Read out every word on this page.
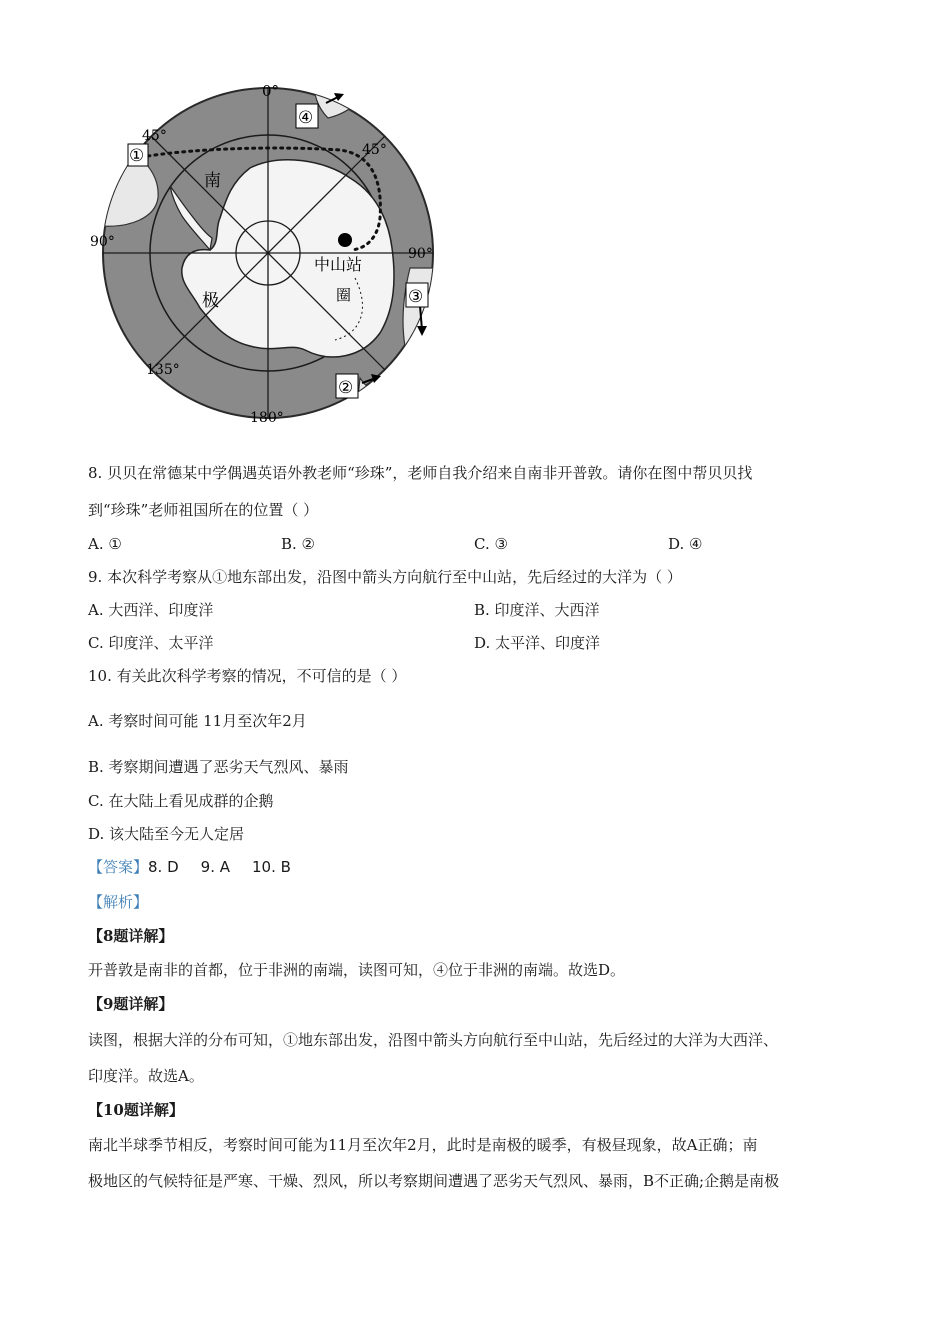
0°
45°
45°
90°
90°
135°
180°
南
极
中山站
圈
④
③
②
①
8. 贝贝在常德某中学偶遇英语外教老师“珍珠”，老师自我介绍来自南非开普敦。请你在图中帮贝贝找
到“珍珠”老师祖国所在的位置（ ）
A. ①	B. ②	C. ③	D. ④
9. 本次科学考察从①地东部出发，沿图中箭头方向航行至中山站，先后经过的大洋为（ ）
A. 大西洋、印度洋	B. 印度洋、大西洋
C. 印度洋、太平洋	D. 太平洋、印度洋
10. 有关此次科学考察的情况，不可信的是（ ）
A. 考察时间可能 11月至次年2月
B. 考察期间遭遇了恶劣天气烈风、暴雨
C. 在大陆上看见成群的企鹅
D. 该大陆至今无人定居
【答案】8. D 9. A 10. B
【解析】
【8题详解】
开普敦是南非的首都，位于非洲的南端，读图可知，④位于非洲的南端。故选D。
【9题详解】
读图，根据大洋的分布可知，①地东部出发，沿图中箭头方向航行至中山站，先后经过的大洋为大西洋、
印度洋。故选A。
【10题详解】
南北半球季节相反，考察时间可能为11月至次年2月，此时是南极的暖季，有极昼现象，故A正确；南
极地区的气候特征是严寒、干燥、烈风，所以考察期间遭遇了恶劣天气烈风、暴雨，B不正确;企鹅是南极
